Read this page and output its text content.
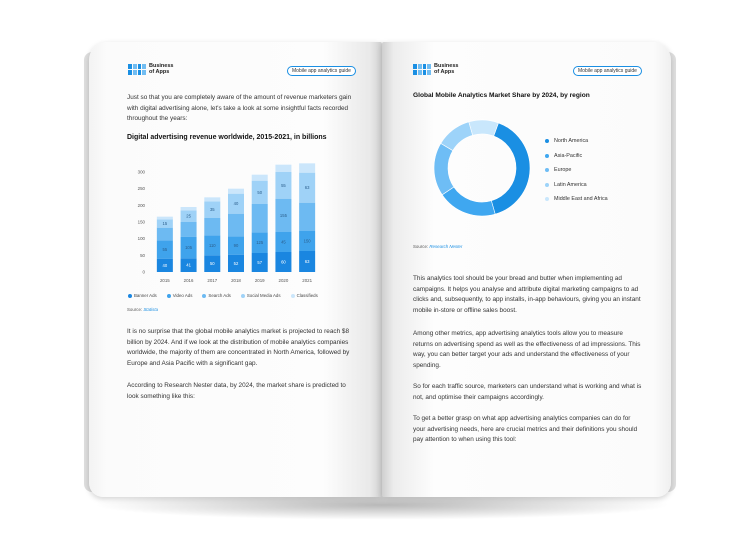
Business
of Apps	Mobile app analytics guide
Just so that you are completely aware of the amount of revenue marketers gain
with digital advertising alone, let's take a look at some insightful facts recorded
throughout the years:
Digital advertising revenue worldwide, 2015-2021, in billions
0
50
100
150
200
250
300
40
55
15
2015
41
105
25
2016
50
110
35
2017
52
90
40
2018
57
125
50
2019
60
45
155
55
2020
63
150
63
2021
Banner Ads	Video Ads	Search Ads	Social Media Ads	Classifieds
Source: Statista
It is no surprise that the global mobile analytics market is projected to reach $8
billion by 2024. And if we look at the distribution of mobile analytics companies
worldwide, the majority of them are concentrated in North America, followed by
Europe and Asia Pacific with a significant gap.
According to Research Nester data, by 2024, the market share is predicted to
look something like this:
Business
of Apps	Mobile app analytics guide
Global Mobile Analytics Market Share by 2024, by region
North America
Asia-Pacific
Europe
Latin America
Middle East and Africa
Source: Research Nester
This analytics tool should be your bread and butter when implementing ad
campaigns. It helps you analyse and attribute digital marketing campaigns to ad
clicks and, subsequently, to app installs, in-app behaviours, giving you an instant
mobile in-store or offline sales boost.
Among other metrics, app advertising analytics tools allow you to measure
returns on advertising spend as well as the effectiveness of ad impressions. This
way, you can better target your ads and understand the effectiveness of your
spending.
So for each traffic source, marketers can understand what is working and what is
not, and optimise their campaigns accordingly.
To get a better grasp on what app advertising analytics companies can do for
your advertising needs, here are crucial metrics and their definitions you should
pay attention to when using this tool:
